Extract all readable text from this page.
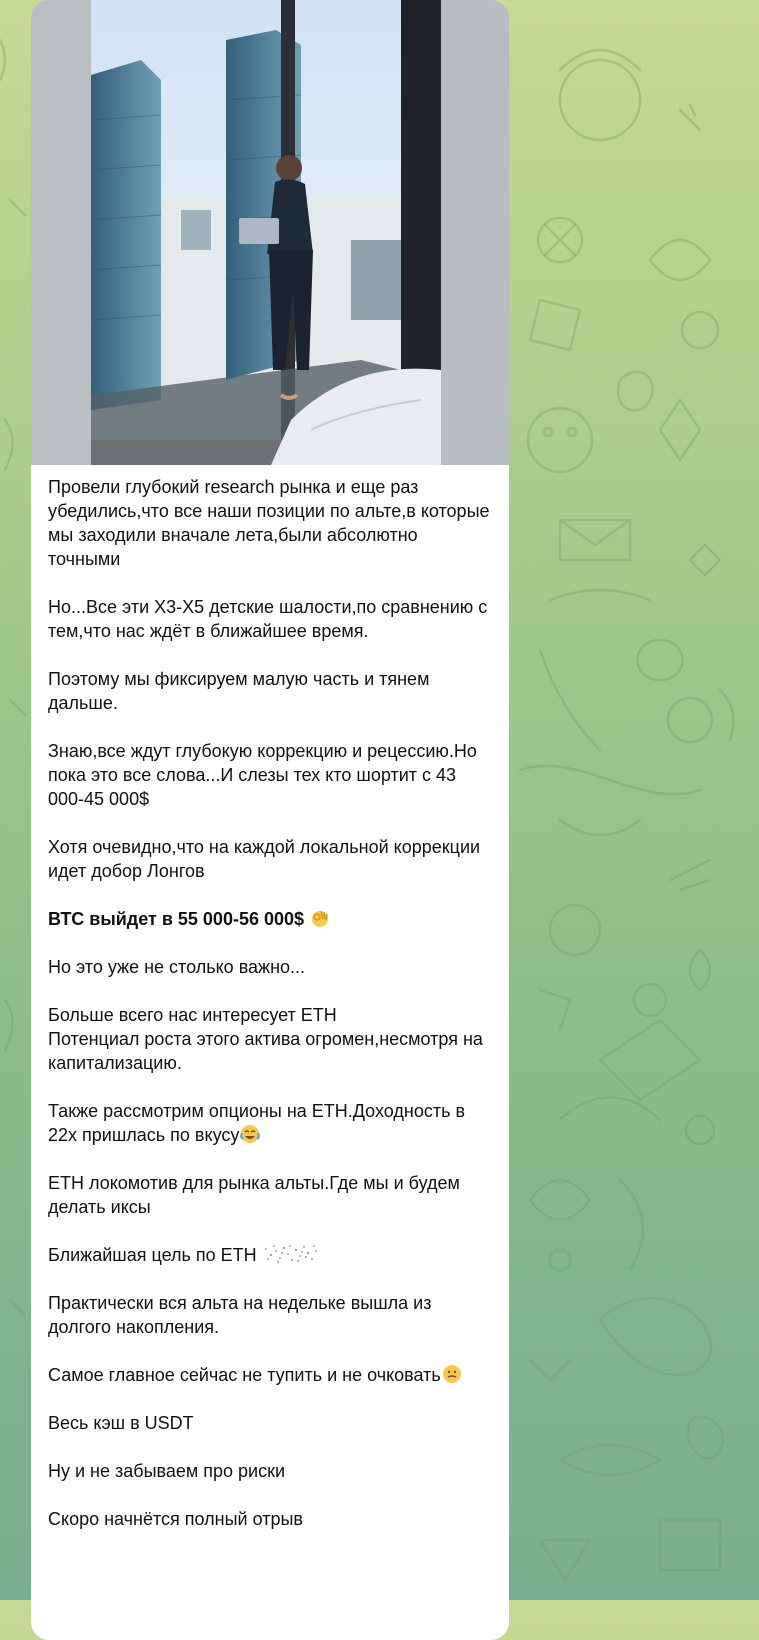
Провели глубокий research рынка и еще раз убедились,что все наши позиции по альте,в которые мы заходили вначале лета,были абсолютно точными

Но...Все эти Х3-Х5 детские шалости,по сравнению с тем,что нас ждёт в ближайшее время.

Поэтому мы фиксируем малую часть и тянем дальше.

Знаю,все ждут глубокую коррекцию и рецессию.Но пока это все слова...И слезы тех кто шортит с 43 000-45 000$

Хотя очевидно,что на каждой локальной коррекции идет добор Лонгов

ВТС выйдет в 55 000-56 000$

Но это уже не столько важно...

Больше всего нас интересует ЕТН
Потенциал роста этого актива огромен,несмотря на капитализацию.

Также рассмотрим опционы на ЕТН.Доходность в 22х пришлась по вкусу

ЕТН локомотив для рынка альты.Где мы и будем делать иксы

Ближайшая цель по ЕТН

Практически вся альта на недельке вышла из долгого накопления.

Самое главное сейчас не тупить и не очковать

Весь кэш в USDT

Ну и не забываем про риски

Скоро начнётся полный отрыв
